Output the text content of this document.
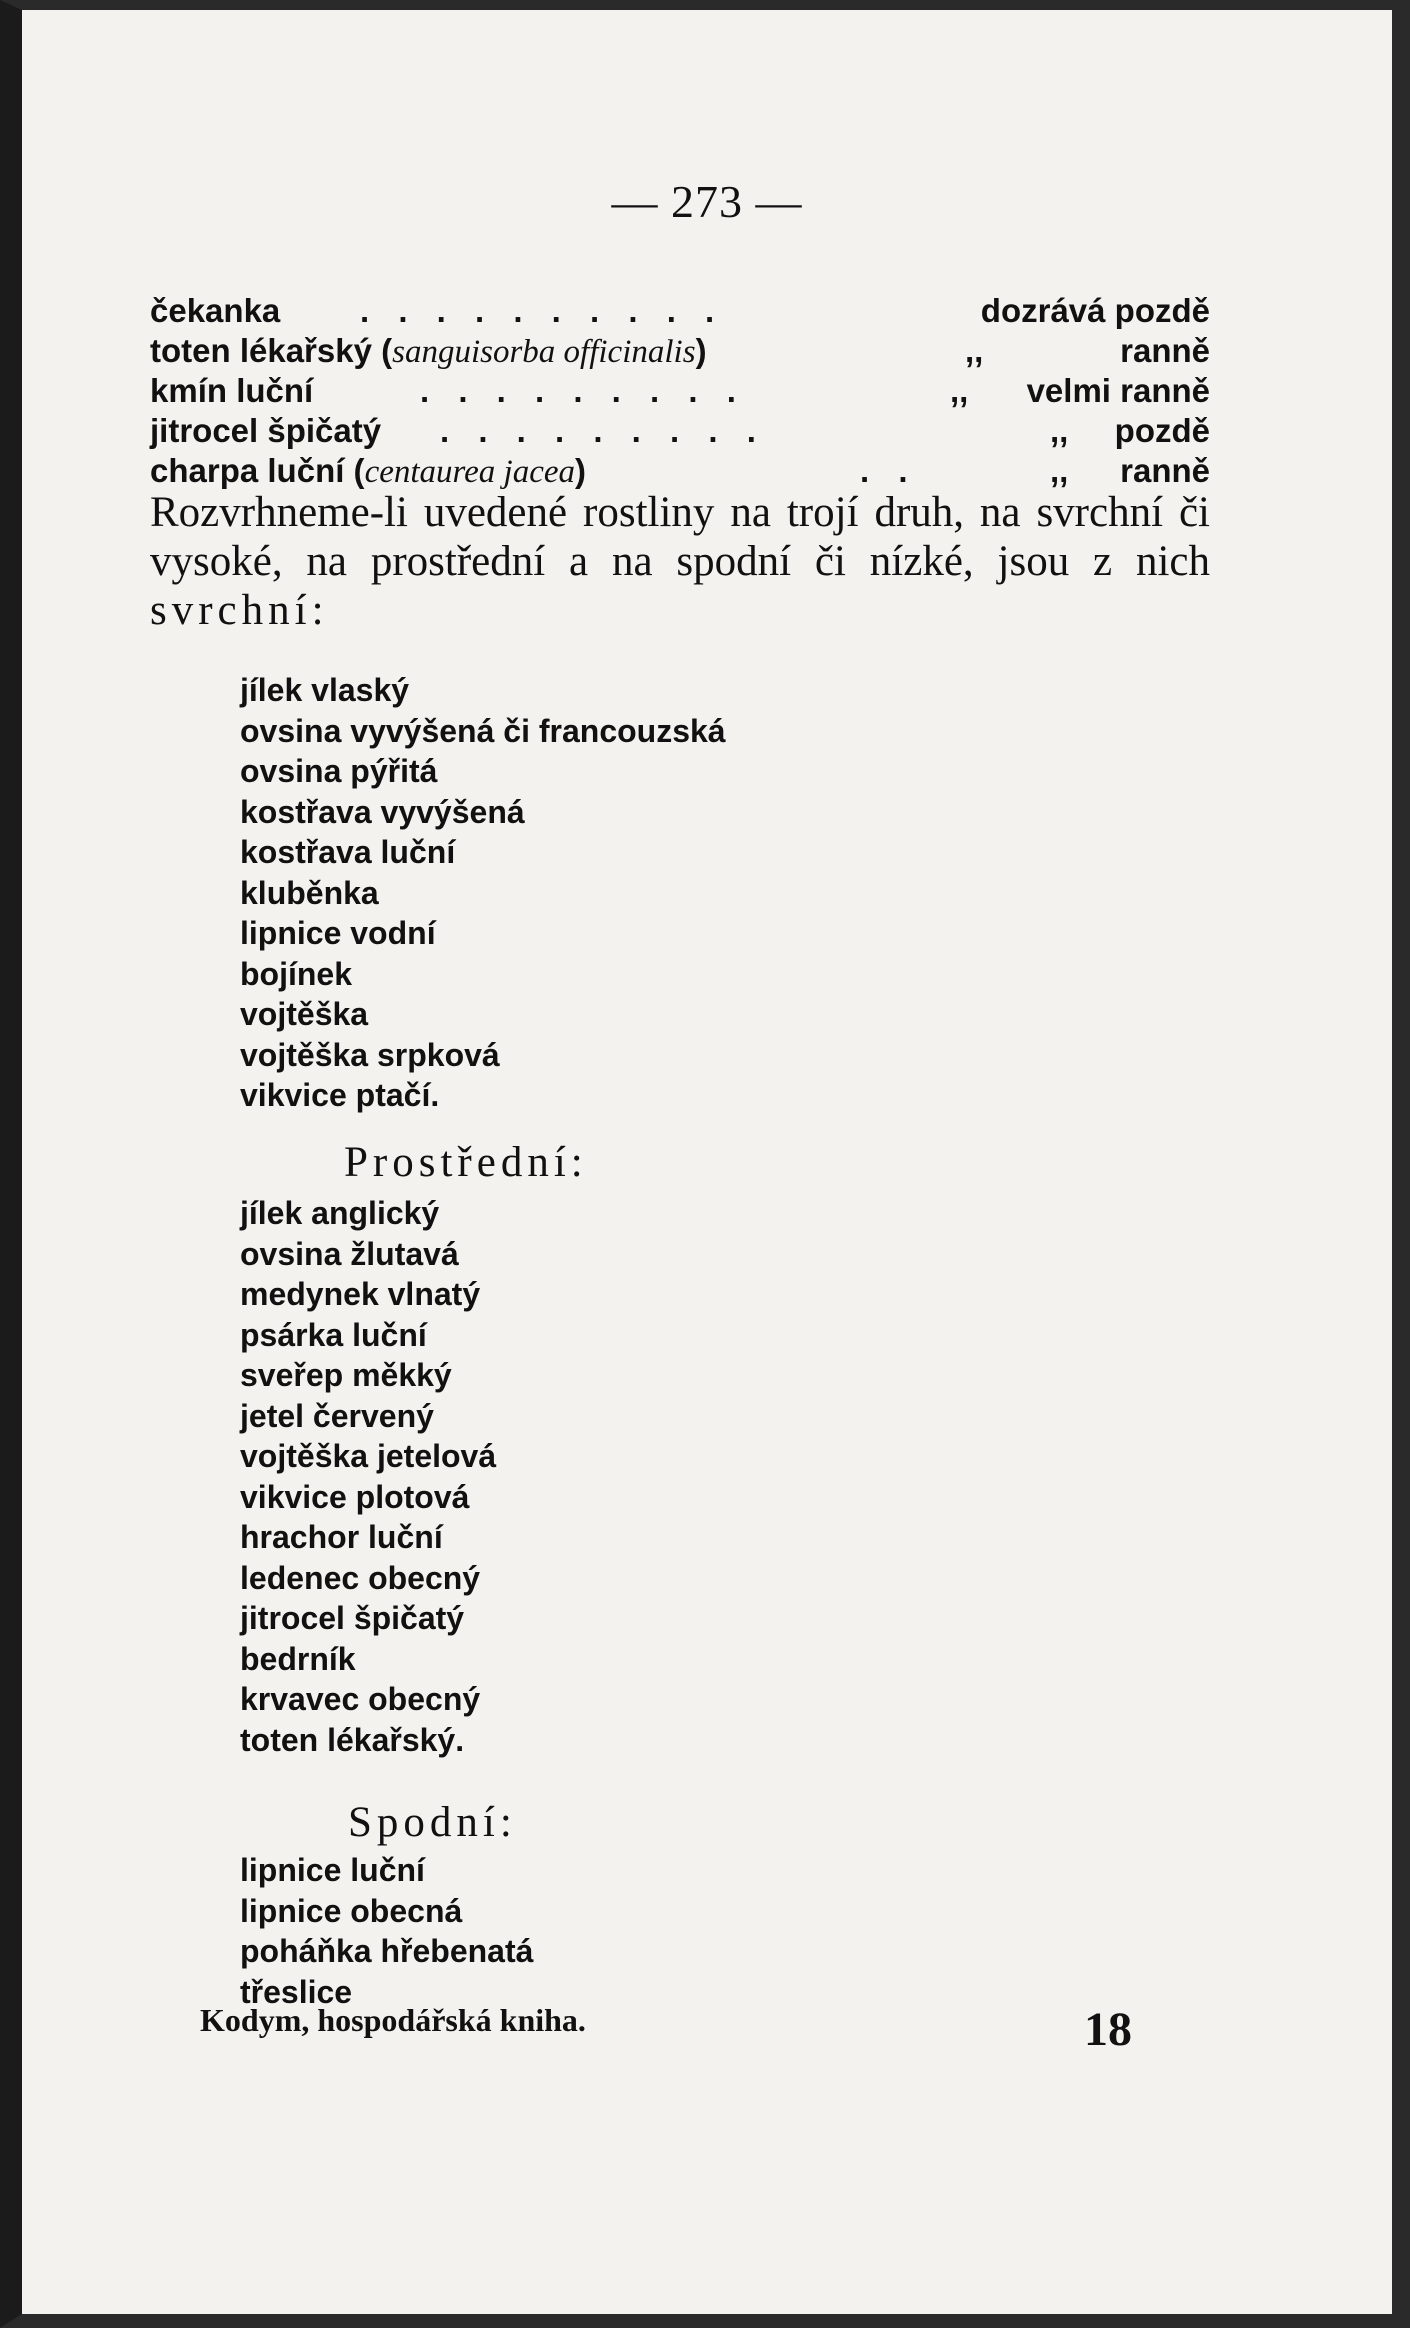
— 273 —
čekanka . . . . . . . . . .	dozrává pozdě
toten lékařský (sanguisorba officinalis)	,,	ranně
kmín luční	. . . . . . . . .	,, velmi ranně
jitrocel špičatý . . . . . . . . .	,, pozdě
charpa luční (centaurea jacea)	. .	,, ranně

Rozvrhneme-li uvedené rostliny na trojí druh, na svrchní či vysoké, na prostřední a na spodní či nízké, jsou z nich svrchní:

jílek vlaský
ovsina vyvýšená či francouzská
ovsina pýřitá
kostřava vyvýšená
kostřava luční
kluběnka
lipnice vodní
bojínek
vojtěška
vojtěška srpková
vikvice ptačí.
Prostřední:
jílek anglický
ovsina žlutavá
medynek vlnatý
psárka luční
sveřep měkký
jetel červený
vojtěška jetelová
vikvice plotová
hrachor luční
ledenec obecný
jitrocel špičatý
bedrník
krvavec obecný
toten lékařský.
Spodní:
lipnice luční
lipnice obecná
poháňka hřebenatá
třeslice
Kodym, hospodářská kniha.	18
